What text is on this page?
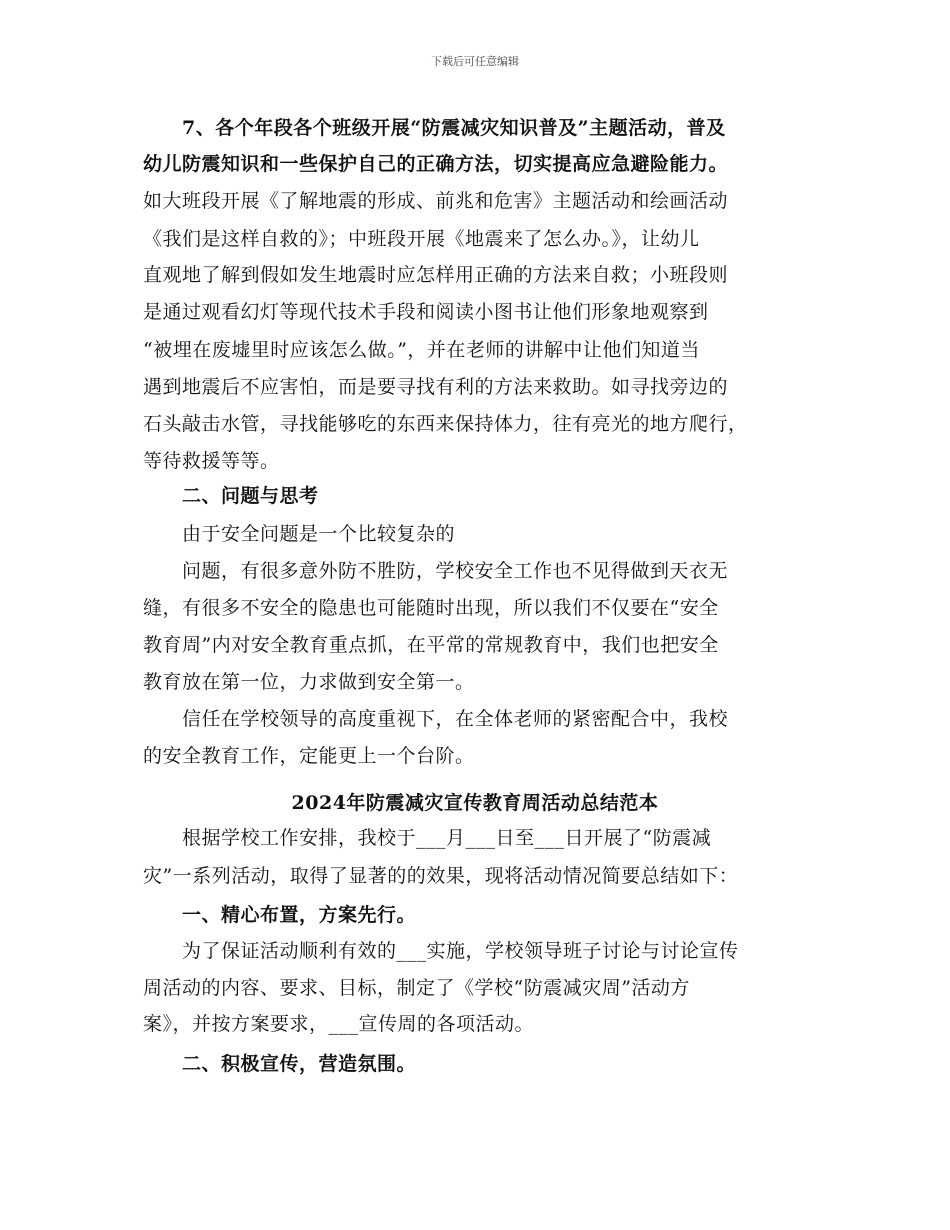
下载后可任意编辑

　　7、各个年段各个班级开展“防震减灾知识普及”主题活动，普及

幼儿防震知识和一些保护自己的正确方法，切实提高应急避险能力。

如大班段开展《了解地震的形成、前兆和危害》主题活动和绘画活动

《我们是这样自救的》；中班段开展《地震来了怎么办。》，让幼儿

直观地了解到假如发生地震时应怎样用正确的方法来自救；小班段则

是通过观看幻灯等现代技术手段和阅读小图书让他们形象地观察到

“被埋在废墟里时应该怎么做。”，并在老师的讲解中让他们知道当

遇到地震后不应害怕，而是要寻找有利的方法来救助。如寻找旁边的

石头敲击水管，寻找能够吃的东西来保持体力，往有亮光的地方爬行，

等待救援等等。

　　二、问题与思考

　　由于安全问题是一个比较复杂的

　　问题，有很多意外防不胜防，学校安全工作也不见得做到天衣无

缝，有很多不安全的隐患也可能随时出现，所以我们不仅要在“安全

教育周”内对安全教育重点抓，在平常的常规教育中，我们也把安全

教育放在第一位，力求做到安全第一。

　　信任在学校领导的高度重视下，在全体老师的紧密配合中，我校

的安全教育工作，定能更上一个台阶。

2024年防震减灾宣传教育周活动总结范本

　　根据学校工作安排，我校于___月___日至___日开展了“防震减

灾”一系列活动，取得了显著的的效果，现将活动情况简要总结如下：

　　一、精心布置，方案先行。

　　为了保证活动顺利有效的___实施，学校领导班子讨论与讨论宣传

周活动的内容、要求、目标，制定了《学校“防震减灾周”活动方

案》，并按方案要求，___宣传周的各项活动。

　　二、积极宣传，营造氛围。
